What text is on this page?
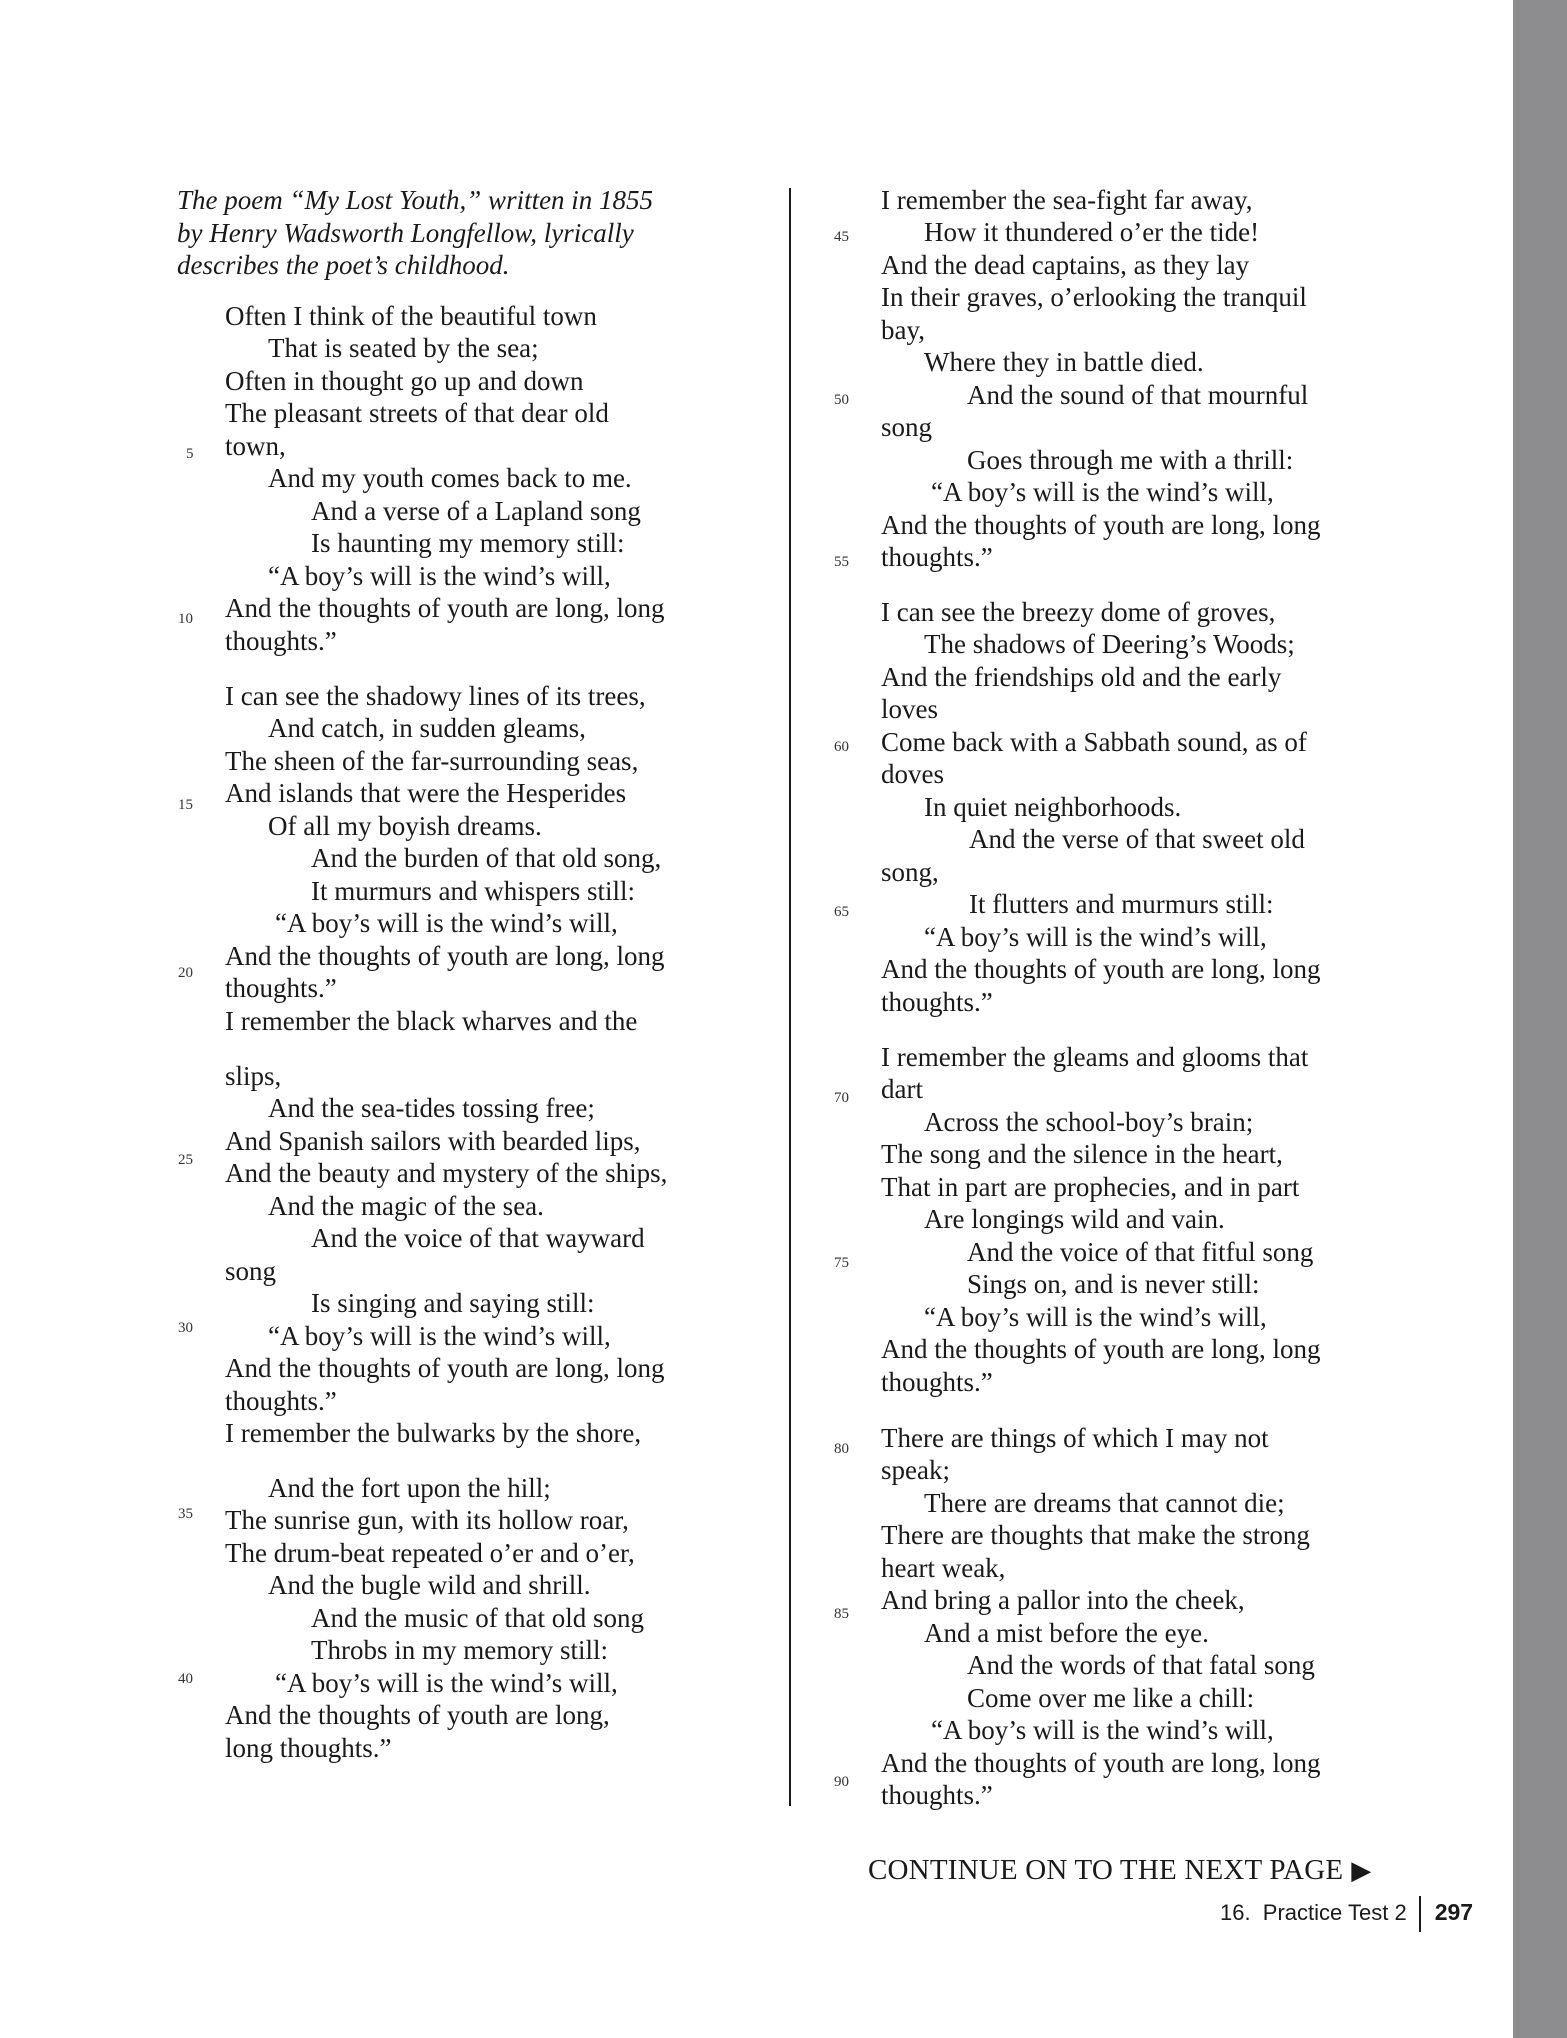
The poem “My Lost Youth,” written in 1855
by Henry Wadsworth Longfellow, lyrically
describes the poet’s childhood.
Often I think of the beautiful town
That is seated by the sea;
Often in thought go up and down
The pleasant streets of that dear old
town,
And my youth comes back to me.
And a verse of a Lapland song
Is haunting my memory still:
“A boy’s will is the wind’s will,
And the thoughts of youth are long, long
thoughts.”
I can see the shadowy lines of its trees,
And catch, in sudden gleams,
The sheen of the far-surrounding seas,
And islands that were the Hesperides
Of all my boyish dreams.
And the burden of that old song,
It murmurs and whispers still:
“A boy’s will is the wind’s will,
And the thoughts of youth are long, long
thoughts.”
I remember the black wharves and the
slips,
And the sea-tides tossing free;
And Spanish sailors with bearded lips,
And the beauty and mystery of the ships,
And the magic of the sea.
And the voice of that wayward
song
Is singing and saying still:
“A boy’s will is the wind’s will,
And the thoughts of youth are long, long
thoughts.”
I remember the bulwarks by the shore,
And the fort upon the hill;
The sunrise gun, with its hollow roar,
The drum-beat repeated o’er and o’er,
And the bugle wild and shrill.
And the music of that old song
Throbs in my memory still:
“A boy’s will is the wind’s will,
And the thoughts of youth are long,
long thoughts.”
5
10
15
20
25
30
35
40
I remember the sea-fight far away,
How it thundered o’er the tide!
And the dead captains, as they lay
In their graves, o’erlooking the tranquil
bay,
Where they in battle died.
And the sound of that mournful
song
Goes through me with a thrill:
“A boy’s will is the wind’s will,
And the thoughts of youth are long, long
thoughts.”
I can see the breezy dome of groves,
The shadows of Deering’s Woods;
And the friendships old and the early
loves
Come back with a Sabbath sound, as of
doves
In quiet neighborhoods.
And the verse of that sweet old
song,
It flutters and murmurs still:
“A boy’s will is the wind’s will,
And the thoughts of youth are long, long
thoughts.”
I remember the gleams and glooms that
dart
Across the school-boy’s brain;
The song and the silence in the heart,
That in part are prophecies, and in part
Are longings wild and vain.
And the voice of that fitful song
Sings on, and is never still:
“A boy’s will is the wind’s will,
And the thoughts of youth are long, long
thoughts.”
There are things of which I may not
speak;
There are dreams that cannot die;
There are thoughts that make the strong
heart weak,
And bring a pallor into the cheek,
And a mist before the eye.
And the words of that fatal song
Come over me like a chill:
“A boy’s will is the wind’s will,
And the thoughts of youth are long, long
thoughts.”
45
50
55
60
65
70
75
80
85
90
CONTINUE ON TO THE NEXT PAGE ▶
16.  Practice Test 2 297
